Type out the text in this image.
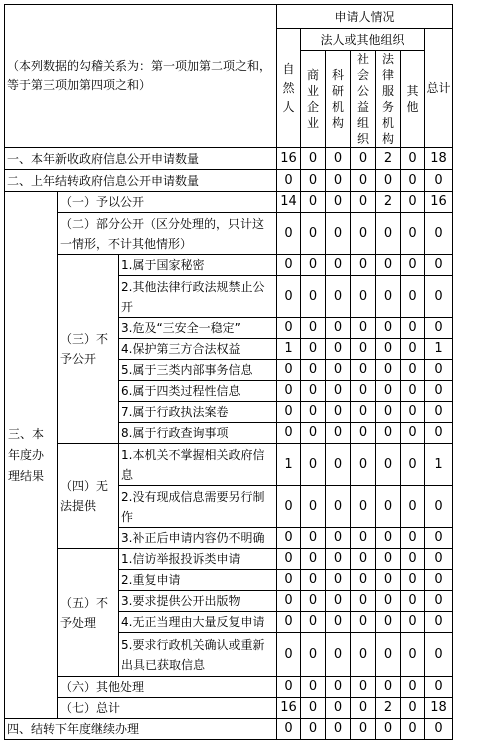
（本列数据的勾稽关系为：第一项加第二项之和，等于第三项加第四项之和）			申请人情况						
			自然人	法人或其他组织					总计
				商业企业	科研机构	社会公益组织	法律服务机构	其他	
一、本年新收政府信息公开申请数量			16	0	0	0	2	0	18
二、上年结转政府信息公开申请数量			0	0	0	0	0	0	0
三、本年度办理结果	（一）予以公开		14	0	0	0	2	0	16
	（二）部分公开（区分处理的，只计这一情形，不计其他情形）		0	0	0	0	0	0	0
	（三）不予公开	1.属于国家秘密	0	0	0	0	0	0	0
		2.其他法律行政法规禁止公开	0	0	0	0	0	0	0
		3.危及“三安全一稳定”	0	0	0	0	0	0	0
		4.保护第三方合法权益	1	0	0	0	0	0	1
		5.属于三类内部事务信息	0	0	0	0	0	0	0
		6.属于四类过程性信息	0	0	0	0	0	0	0
		7.属于行政执法案卷	0	0	0	0	0	0	0
		8.属于行政查询事项	0	0	0	0	0	0	0
	（四）无法提供	1.本机关不掌握相关政府信息	1	0	0	0	0	0	1
		2.没有现成信息需要另行制作	0	0	0	0	0	0	0
		3.补正后申请内容仍不明确	0	0	0	0	0	0	0
	（五）不予处理	1.信访举报投诉类申请	0	0	0	0	0	0	0
		2.重复申请	0	0	0	0	0	0	0
		3.要求提供公开出版物	0	0	0	0	0	0	0
		4.无正当理由大量反复申请	0	0	0	0	0	0	0
		5.要求行政机关确认或重新出具已获取信息	0	0	0	0	0	0	0
	（六）其他处理		0	0	0	0	0	0	0
	（七）总计		16	0	0	0	2	0	18
四、结转下年度继续办理			0	0	0	0	0	0	0
